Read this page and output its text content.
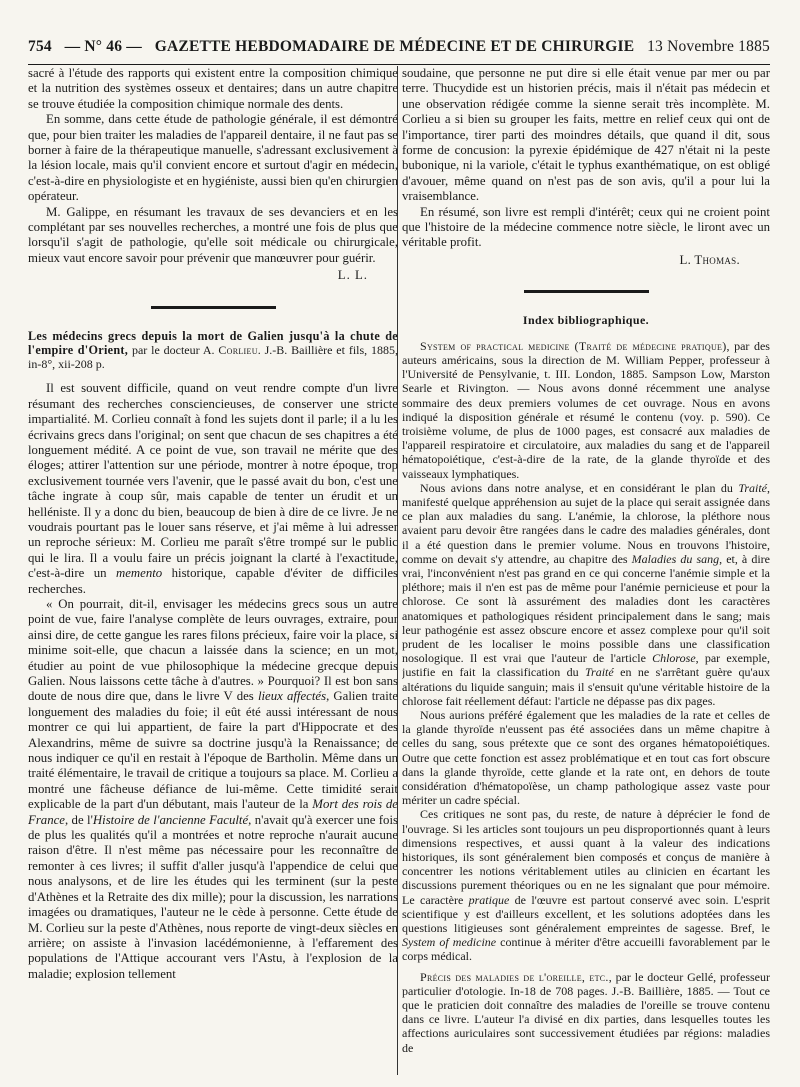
754 — N° 46 — GAZETTE HEBDOMADAIRE DE MÉDECINE ET DE CHIRURGIE 13 Novembre 1885

sacré à l'étude des rapports qui existent entre la composition chimique et la nutrition des systèmes osseux et dentaires; dans un autre chapitre se trouve étudiée la composition chimique normale des dents.

En somme, dans cette étude de pathologie générale, il est démontré que, pour bien traiter les maladies de l'appareil dentaire, il ne faut pas se borner à faire de la thérapeutique manuelle, s'adressant exclusivement à la lésion locale, mais qu'il convient encore et surtout d'agir en médecin, c'est-à-dire en physiologiste et en hygiéniste, aussi bien qu'en chirurgien opérateur.

M. Galippe, en résumant les travaux de ses devanciers et en les complétant par ses nouvelles recherches, a montré une fois de plus que lorsqu'il s'agit de pathologie, qu'elle soit médicale ou chirurgicale, mieux vaut encore savoir pour prévenir que manœuvrer pour guérir.

L. L.

Les médecins grecs depuis la mort de Galien jusqu'à la chute de l'empire d'Orient, par le docteur A. Corlieu. J.-B. Baillière et fils, 1885, in-8°, xii-208 p.

Il est souvent difficile, quand on veut rendre compte d'un livre résumant des recherches consciencieuses, de conserver une stricte impartialité. M. Corlieu connaît à fond les sujets dont il parle; il a lu les écrivains grecs dans l'original; on sent que chacun de ses chapitres a été longuement médité. A ce point de vue, son travail ne mérite que des éloges; attirer l'attention sur une période, montrer à notre époque, trop exclusivement tournée vers l'avenir, que le passé avait du bon, c'est une tâche ingrate à coup sûr, mais capable de tenter un érudit et un helléniste. Il y a donc du bien, beaucoup de bien à dire de ce livre. Je ne voudrais pourtant pas le louer sans réserve, et j'ai même à lui adresser un reproche sérieux: M. Corlieu me paraît s'être trompé sur le public qui le lira. Il a voulu faire un précis joignant la clarté à l'exactitude, c'est-à-dire un memento historique, capable d'éviter de difficiles recherches.

« On pourrait, dit-il, envisager les médecins grecs sous un autre point de vue, faire l'analyse complète de leurs ouvrages, extraire, pour ainsi dire, de cette gangue les rares filons précieux, faire voir la place, si minime soit-elle, que chacun a laissée dans la science; en un mot, étudier au point de vue philosophique la médecine grecque depuis Galien. Nous laissons cette tâche à d'autres. » Pourquoi? Il est bon sans doute de nous dire que, dans le livre V des lieux affectés, Galien traite longuement des maladies du foie; il eût été aussi intéressant de nous montrer ce qui lui appartient, de faire la part d'Hippocrate et des Alexandrins, même de suivre sa doctrine jusqu'à la Renaissance; de nous indiquer ce qu'il en restait à l'époque de Bartholin. Même dans un traité élémentaire, le travail de critique a toujours sa place. M. Corlieu a montré une fâcheuse défiance de lui-même. Cette timidité serait explicable de la part d'un débutant, mais l'auteur de la Mort des rois de France, de l'Histoire de l'ancienne Faculté, n'avait qu'à exercer une fois de plus les qualités qu'il a montrées et notre reproche n'aurait aucune raison d'être. Il n'est même pas nécessaire pour les reconnaître de remonter à ces livres; il suffit d'aller jusqu'à l'appendice de celui que nous analysons, et de lire les études qui les terminent (sur la peste d'Athènes et la Retraite des dix mille); pour la discussion, les narrations imagées ou dramatiques, l'auteur ne le cède à personne. Cette étude de M. Corlieu sur la peste d'Athènes, nous reporte de vingt-deux siècles en arrière; on assiste à l'invasion lacédémonienne, à l'effarement des populations de l'Attique accourant vers l'Astu, à l'explosion de la maladie; explosion tellement

soudaine, que personne ne put dire si elle était venue par mer ou par terre. Thucydide est un historien précis, mais il n'était pas médecin et une observation rédigée comme la sienne serait très incomplète. M. Corlieu a si bien su grouper les faits, mettre en relief ceux qui ont de l'importance, tirer parti des moindres détails, que quand il dit, sous forme de concusion: la pyrexie épidémique de 427 n'était ni la peste bubonique, ni la variole, c'était le typhus exanthématique, on est obligé d'avouer, même quand on n'est pas de son avis, qu'il a pour lui la vraisemblance.

En résumé, son livre est rempli d'intérêt; ceux qui ne croient point que l'histoire de la médecine commence notre siècle, le liront avec un véritable profit.

L. Thomas.

Index bibliographique.

System of practical medicine (Traité de médecine pratique), par des auteurs américains, sous la direction de M. William Pepper, professeur à l'Université de Pensylvanie, t. III. London, 1885. Sampson Low, Marston Searle et Rivington. — Nous avons donné récemment une analyse sommaire des deux premiers volumes de cet ouvrage. Nous en avons indiqué la disposition générale et résumé le contenu (voy. p. 590). Ce troisième volume, de plus de 1000 pages, est consacré aux maladies de l'appareil respiratoire et circulatoire, aux maladies du sang et de l'appareil hématopoiétique, c'est-à-dire de la rate, de la glande thyroïde et des vaisseaux lymphatiques.

Nous avions dans notre analyse, et en considérant le plan du Traité, manifesté quelque appréhension au sujet de la place qui serait assignée dans ce plan aux maladies du sang. L'anémie, la chlorose, la pléthore nous avaient paru devoir être rangées dans le cadre des maladies générales, dont il a été question dans le premier volume. Nous en trouvons l'histoire, comme on devait s'y attendre, au chapitre des Maladies du sang, et, à dire vrai, l'inconvénient n'est pas grand en ce qui concerne l'anémie simple et la pléthore; mais il n'en est pas de même pour l'anémie pernicieuse et pour la chlorose. Ce sont là assurément des maladies dont les caractères anatomiques et pathologiques résident principalement dans le sang; mais leur pathogénie est assez obscure encore et assez complexe pour qu'il soit prudent de les localiser le moins possible dans une classification nosologique. Il est vrai que l'auteur de l'article Chlorose, par exemple, justifie en fait la classification du Traité en ne s'arrêtant guère qu'aux altérations du liquide sanguin; mais il s'ensuit qu'une véritable histoire de la chlorose fait réellement défaut: l'article ne dépasse pas dix pages.

Nous aurions préféré également que les maladies de la rate et celles de la glande thyroïde n'eussent pas été associées dans un même chapitre à celles du sang, sous prétexte que ce sont des organes hématopoiétiques. Outre que cette fonction est assez problématique et en tout cas fort obscure dans la glande thyroïde, cette glande et la rate ont, en dehors de toute considération d'hématopoïèse, un champ pathologique assez vaste pour mériter un cadre spécial.

Ces critiques ne sont pas, du reste, de nature à déprécier le fond de l'ouvrage. Si les articles sont toujours un peu disproportionnés quant à leurs dimensions respectives, et aussi quant à la valeur des indications historiques, ils sont généralement bien composés et conçus de manière à concentrer les notions véritablement utiles au clinicien en écartant les discussions purement théoriques ou en ne les signalant que pour mémoire. Le caractère pratique de l'œuvre est partout conservé avec soin. L'esprit scientifique y est d'ailleurs excellent, et les solutions adoptées dans les questions litigieuses sont généralement empreintes de sagesse. Bref, le System of medicine continue à mériter d'être accueilli favorablement par le corps médical.

Précis des maladies de l'oreille, etc., par le docteur Gellé, professeur particulier d'otologie. In-18 de 708 pages. J.-B. Baillière, 1885. — Tout ce que le praticien doit connaître des maladies de l'oreille se trouve contenu dans ce livre. L'auteur l'a divisé en dix parties, dans lesquelles toutes les affections auriculaires sont successivement étudiées par régions: maladies de
